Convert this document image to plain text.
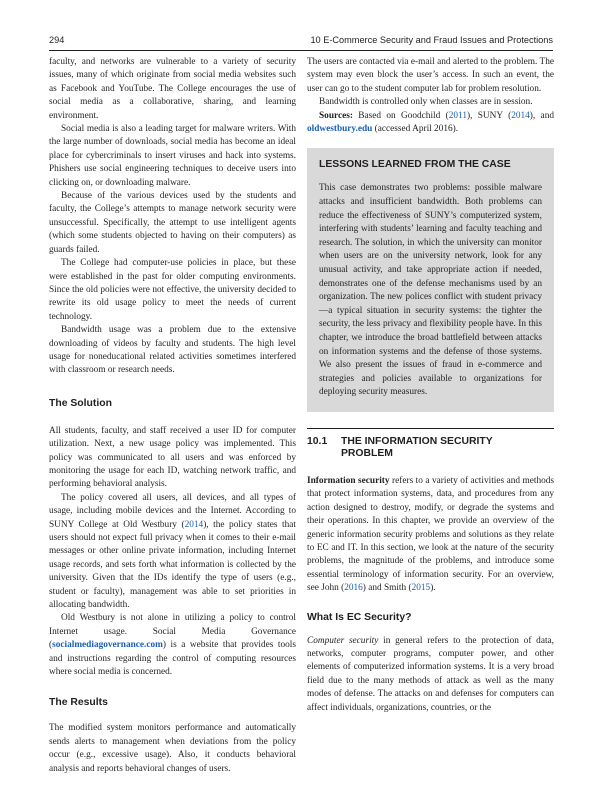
294	10 E-Commerce Security and Fraud Issues and Protections

faculty, and networks are vulnerable to a variety of security issues, many of which originate from social media websites such as Facebook and YouTube. The College encourages the use of social media as a collaborative, sharing, and learning environment.

Social media is also a leading target for malware writers. With the large number of downloads, social media has become an ideal place for cybercriminals to insert viruses and hack into systems. Phishers use social engineering techniques to deceive users into clicking on, or downloading malware.

Because of the various devices used by the students and faculty, the College’s attempts to manage network security were unsuccessful. Specifically, the attempt to use intelligent agents (which some students objected to having on their computers) as guards failed.

The College had computer-use policies in place, but these were established in the past for older computing environments. Since the old policies were not effective, the university decided to rewrite its old usage policy to meet the needs of current technology.

Bandwidth usage was a problem due to the extensive downloading of videos by faculty and students. The high level usage for noneducational related activities sometimes interfered with classroom or research needs.

The Solution

All students, faculty, and staff received a user ID for computer utilization. Next, a new usage policy was implemented. This policy was communicated to all users and was enforced by monitoring the usage for each ID, watching network traffic, and performing behavioral analysis.

The policy covered all users, all devices, and all types of usage, including mobile devices and the Internet. According to SUNY College at Old Westbury (2014), the policy states that users should not expect full privacy when it comes to their e-mail messages or other online private information, including Internet usage records, and sets forth what information is collected by the university. Given that the IDs identify the type of users (e.g., student or faculty), management was able to set priorities in allocating bandwidth.

Old Westbury is not alone in utilizing a policy to control Internet usage. Social Media Governance (socialmediagovernance.com) is a website that provides tools and instructions regarding the control of computing resources where social media is concerned.

The Results

The modified system monitors performance and automatically sends alerts to management when deviations from the policy occur (e.g., excessive usage). Also, it conducts behavioral analysis and reports behavioral changes of users.

The users are contacted via e-mail and alerted to the problem. The system may even block the user’s access. In such an event, the user can go to the student computer lab for problem resolution.

Bandwidth is controlled only when classes are in session.

Sources: Based on Goodchild (2011), SUNY (2014), and oldwestbury.edu (accessed April 2016).

LESSONS LEARNED FROM THE CASE

This case demonstrates two problems: possible malware attacks and insufficient bandwidth. Both problems can reduce the effectiveness of SUNY’s computerized system, interfering with students’ learning and faculty teaching and research. The solution, in which the university can monitor when users are on the university network, look for any unusual activity, and take appropriate action if needed, demonstrates one of the defense mechanisms used by an organization. The new polices conflict with student privacy—a typical situation in security systems: the tighter the security, the less privacy and flexibility people have. In this chapter, we introduce the broad battlefield between attacks on information systems and the defense of those systems. We also present the issues of fraud in e-commerce and strategies and policies available to organizations for deploying security measures.

10.1	THE INFORMATION SECURITY
PROBLEM

Information security refers to a variety of activities and methods that protect information systems, data, and procedures from any action designed to destroy, modify, or degrade the systems and their operations. In this chapter, we provide an overview of the generic information security problems and solutions as they relate to EC and IT. In this section, we look at the nature of the security problems, the magnitude of the problems, and introduce some essential terminology of information security. For an overview, see John (2016) and Smith (2015).

What Is EC Security?

Computer security in general refers to the protection of data, networks, computer programs, computer power, and other elements of computerized information systems. It is a very broad field due to the many methods of attack as well as the many modes of defense. The attacks on and defenses for computers can affect individuals, organizations, countries, or the
